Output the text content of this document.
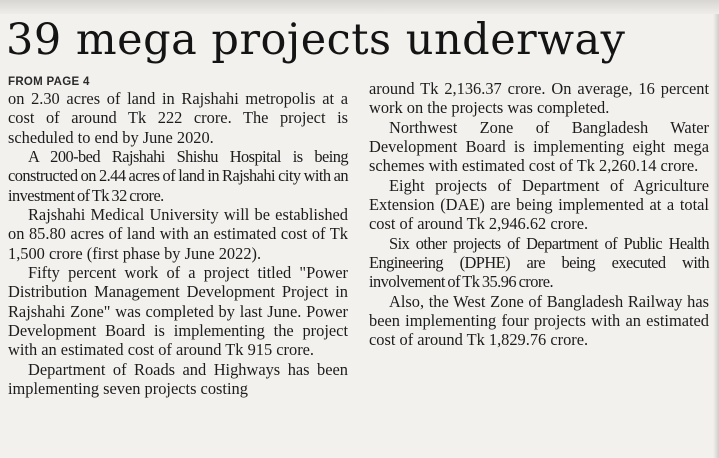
39 mega projects underway
FROM PAGE 4

on 2.30 acres of land in Rajshahi metropolis at a cost of around Tk 222 crore. The project is scheduled to end by June 2020.

A 200-bed Rajshahi Shishu Hospital is being constructed on 2.44 acres of land in Rajshahi city with an investment of Tk 32 crore.

Rajshahi Medical University will be established on 85.80 acres of land with an estimated cost of Tk 1,500 crore (first phase by June 2022).

Fifty percent work of a project titled "Power Distribution Management Development Project in Rajshahi Zone" was completed by last June. Power Development Board is implementing the project with an estimated cost of around Tk 915 crore.

Department of Roads and Highways has been implementing seven projects costing

around Tk 2,136.37 crore. On average, 16 percent work on the projects was completed.

Northwest Zone of Bangladesh Water Development Board is implementing eight mega schemes with estimated cost of Tk 2,260.14 crore.

Eight projects of Department of Agriculture Extension (DAE) are being implemented at a total cost of around Tk 2,946.62 crore.

Six other projects of Department of Public Health Engineering (DPHE) are being executed with involvement of Tk 35.96 crore.

Also, the West Zone of Bangladesh Railway has been implementing four projects with an estimated cost of around Tk 1,829.76 crore.
